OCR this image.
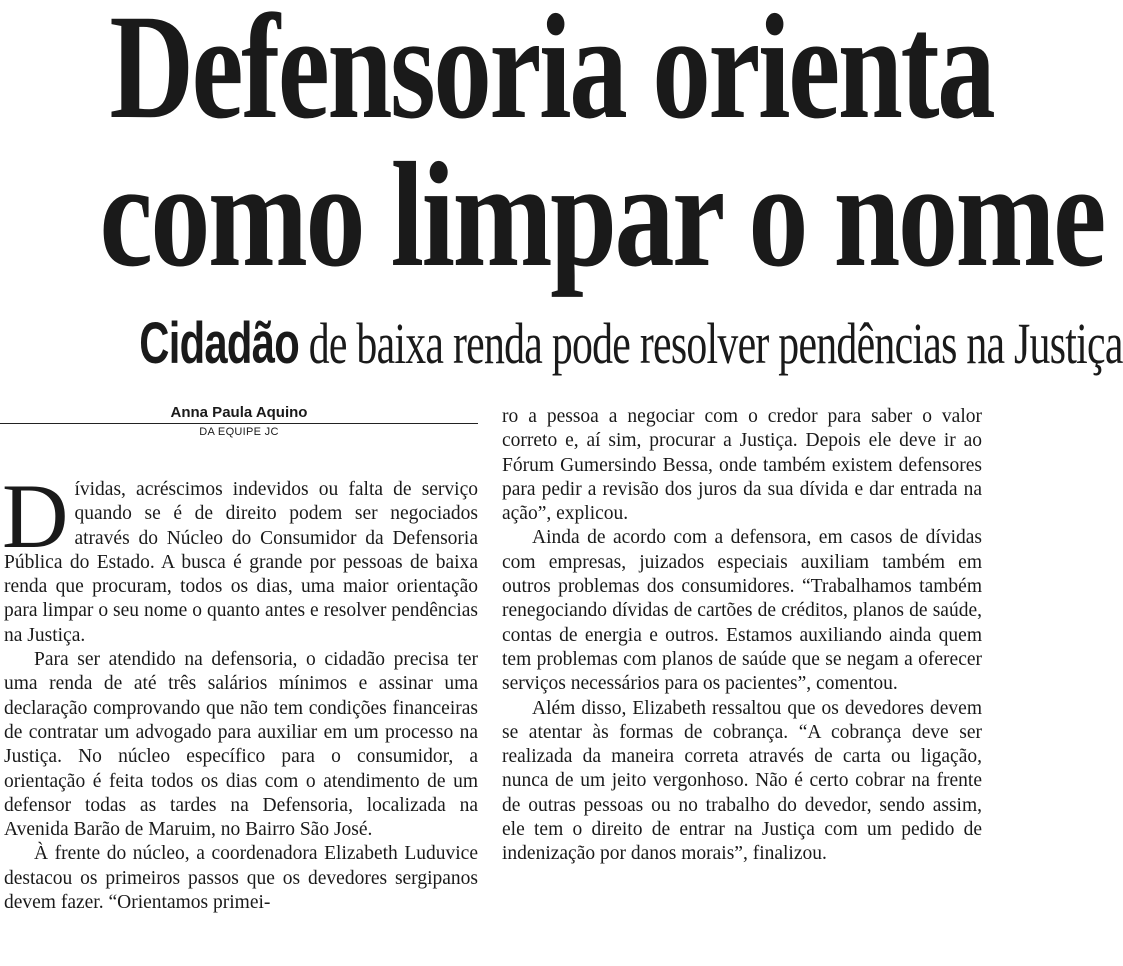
Defensoria orienta
como limpar o nome
Cidadão de baixa renda pode resolver pendências na Justiça
Anna Paula Aquino
DA EQUIPE JC

Dívidas, acréscimos indevidos ou falta de serviço quando se é de direito podem ser negociados através do Núcleo do Consumidor da Defensoria Pública do Estado. A busca é grande por pessoas de baixa renda que procuram, todos os dias, uma maior orientação para limpar o seu nome o quanto antes e resolver pendências na Justiça.

Para ser atendido na defensoria, o cidadão precisa ter uma renda de até três salários mínimos e assinar uma declaração comprovando que não tem condições financeiras de contratar um advogado para auxiliar em um processo na Justiça. No núcleo específico para o consumidor, a orientação é feita todos os dias com o atendimento de um defensor todas as tardes na Defensoria, localizada na Avenida Barão de Maruim, no Bairro São José.

À frente do núcleo, a coordenadora Elizabeth Luduvice destacou os primeiros passos que os devedores sergipanos devem fazer. “Orientamos primei-

ro a pessoa a negociar com o credor para saber o valor correto e, aí sim, procurar a Justiça. Depois ele deve ir ao Fórum Gumersindo Bessa, onde também existem defensores para pedir a revisão dos juros da sua dívida e dar entrada na ação”, explicou.

Ainda de acordo com a defensora, em casos de dívidas com empresas, juizados especiais auxiliam também em outros problemas dos consumidores. “Trabalhamos também renegociando dívidas de cartões de créditos, planos de saúde, contas de energia e outros. Estamos auxiliando ainda quem tem problemas com planos de saúde que se negam a oferecer serviços necessários para os pacientes”, comentou.

Além disso, Elizabeth ressaltou que os devedores devem se atentar às formas de cobrança. “A cobrança deve ser realizada da maneira correta através de carta ou ligação, nunca de um jeito vergonhoso. Não é certo cobrar na frente de outras pessoas ou no trabalho do devedor, sendo assim, ele tem o direito de entrar na Justiça com um pedido de indenização por danos morais”, finalizou.
